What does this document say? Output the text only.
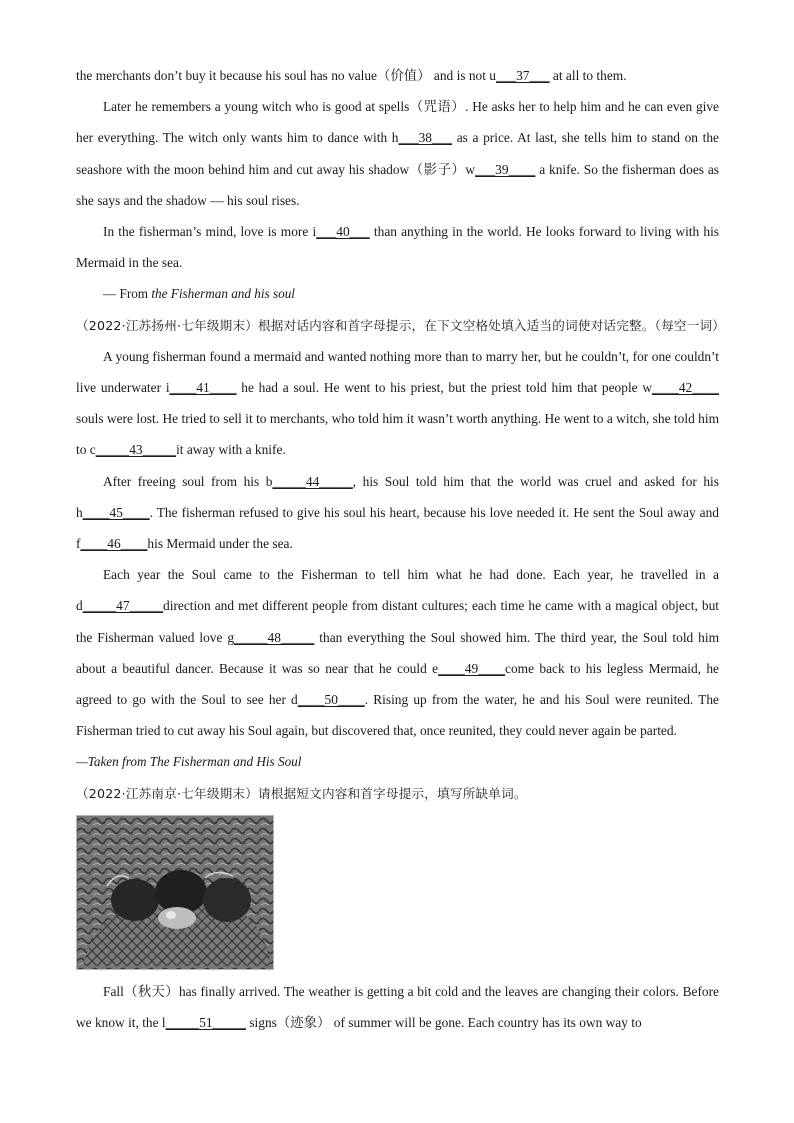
the merchants don’t buy it because his soul has no value（价值） and is not u___37___ at all to them.

Later he remembers a young witch who is good at spells（咒语）. He asks her to help him and he can even give her everything. The witch only wants him to dance with h___38___ as a price. At last, she tells him to stand on the seashore with the moon behind him and cut away his shadow（影子）w___39____ a knife. So the fisherman does as she says and the shadow — his soul rises.

In the fisherman’s mind, love is more i___40___ than anything in the world. He looks forward to living with his Mermaid in the sea.

— From the Fisherman and his soul

（2022·江苏扬州·七年级期末）根据对话内容和首字母提示，在下文空格处填入适当的词使对话完整。（每空一词）

A young fisherman found a mermaid and wanted nothing more than to marry her, but he couldn’t, for one couldn’t live underwater i____41____ he had a soul. He went to his priest, but the priest told him that people w____42____ souls were lost. He tried to sell it to merchants, who told him it wasn’t worth anything. He went to a witch, she told him to c_____43_____it away with a knife.

After freeing soul from his b_____44_____, his Soul told him that the world was cruel and asked for his h____45____. The fisherman refused to give his soul his heart, because his love needed it. He sent the Soul away and f____46____his Mermaid under the sea.

Each year the Soul came to the Fisherman to tell him what he had done. Each year, he travelled in a d_____47_____direction and met different people from distant cultures; each time he came with a magical object, but the Fisherman valued love g_____48_____ than everything the Soul showed him. The third year, the Soul told him about a beautiful dancer. Because it was so near that he could e____49____come back to his legless Mermaid, he agreed to go with the Soul to see her d____50____. Rising up from the water, he and his Soul were reunited. The Fisherman tried to cut away his Soul again, but discovered that, once reunited, they could never again be parted.

—Taken from The Fisherman and His Soul

（2022·江苏南京·七年级期末）请根据短文内容和首字母提示，填写所缺单词。

Fall（秋天）has finally arrived. The weather is getting a bit cold and the leaves are changing their colors. Before we know it, the l_____51_____ signs（迹象） of summer will be gone. Each country has its own way to
